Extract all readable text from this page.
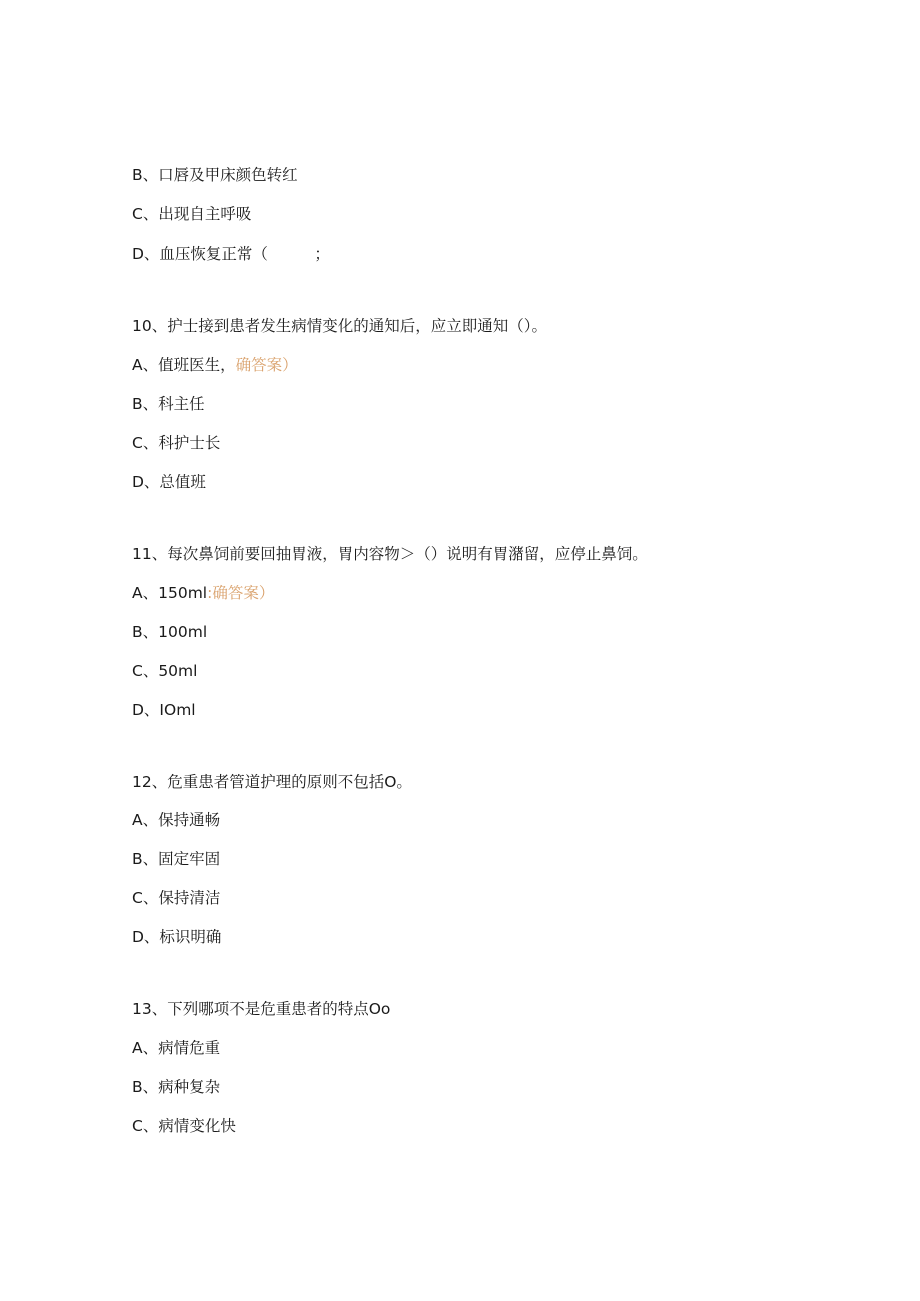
B、口唇及甲床颜色转红
C、出现自主呼吸
D、血压恢复正常（　　　；
10、护士接到患者发生病情变化的通知后，应立即通知（）。
A、值班医生，确答案）
B、科主任
C、科护士长
D、总值班
11、每次鼻饲前要回抽胃液，胃内容物＞（）说明有胃潴留，应停止鼻饲。
A、150ml:确答案）
B、100ml
C、50ml
D、IOml
12、危重患者管道护理的原则不包括O。
A、保持通畅
B、固定牢固
C、保持清洁
D、标识明确
13、下列哪项不是危重患者的特点Oo
A、病情危重
B、病种复杂
C、病情变化快
